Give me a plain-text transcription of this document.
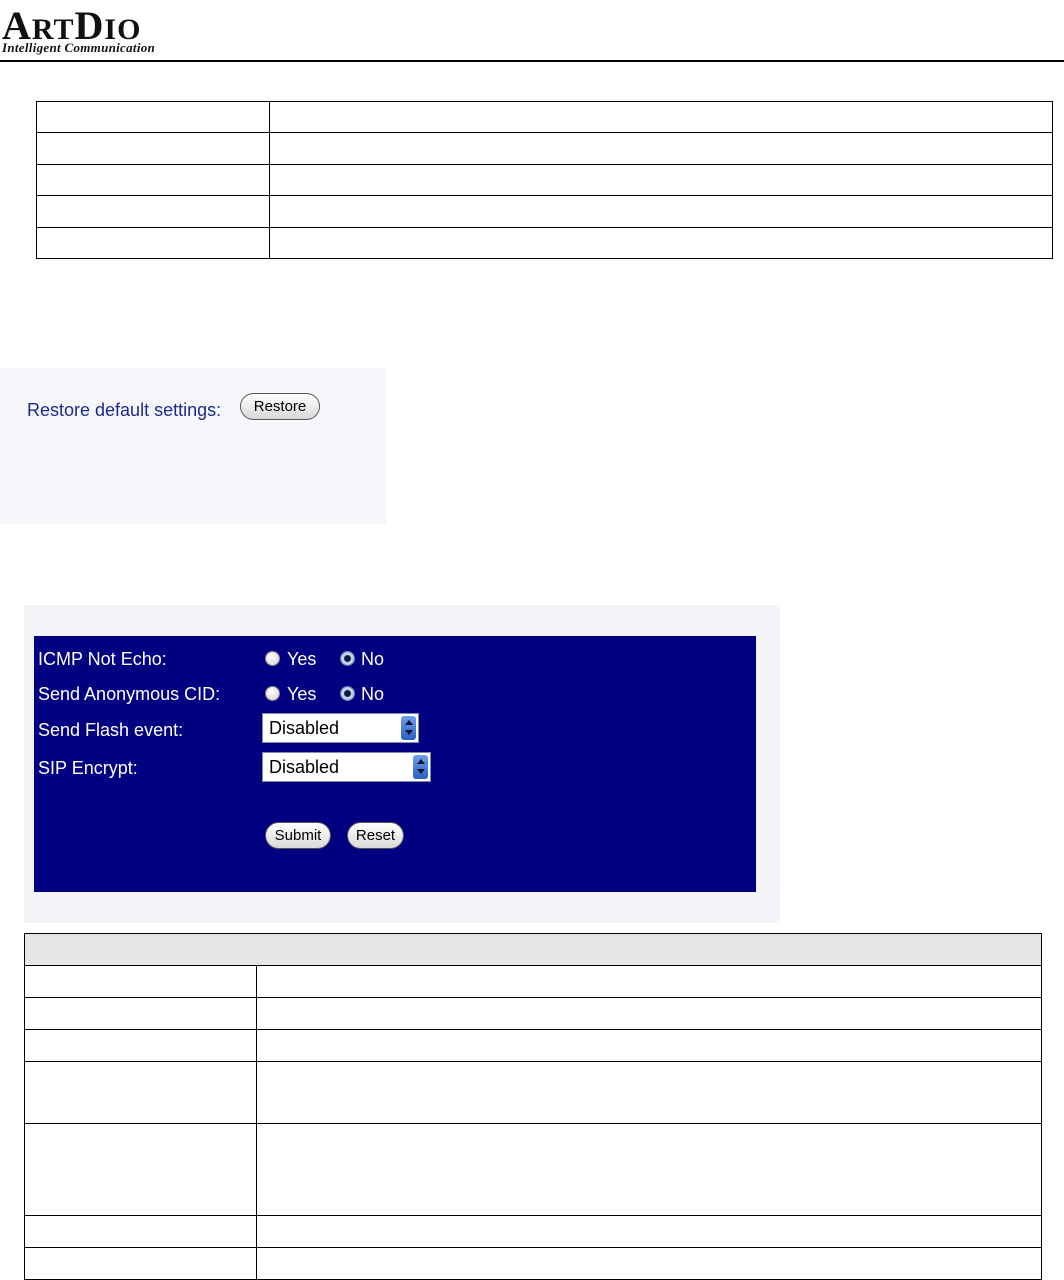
ARTDIO
Intelligent Communication

Restore default settings:	Restore
ICMP Not Echo:	Yes No
Send Anonymous CID:	Yes No
Send Flash event:	Disabled
SIP Encrypt:	Disabled
Submit	Reset
